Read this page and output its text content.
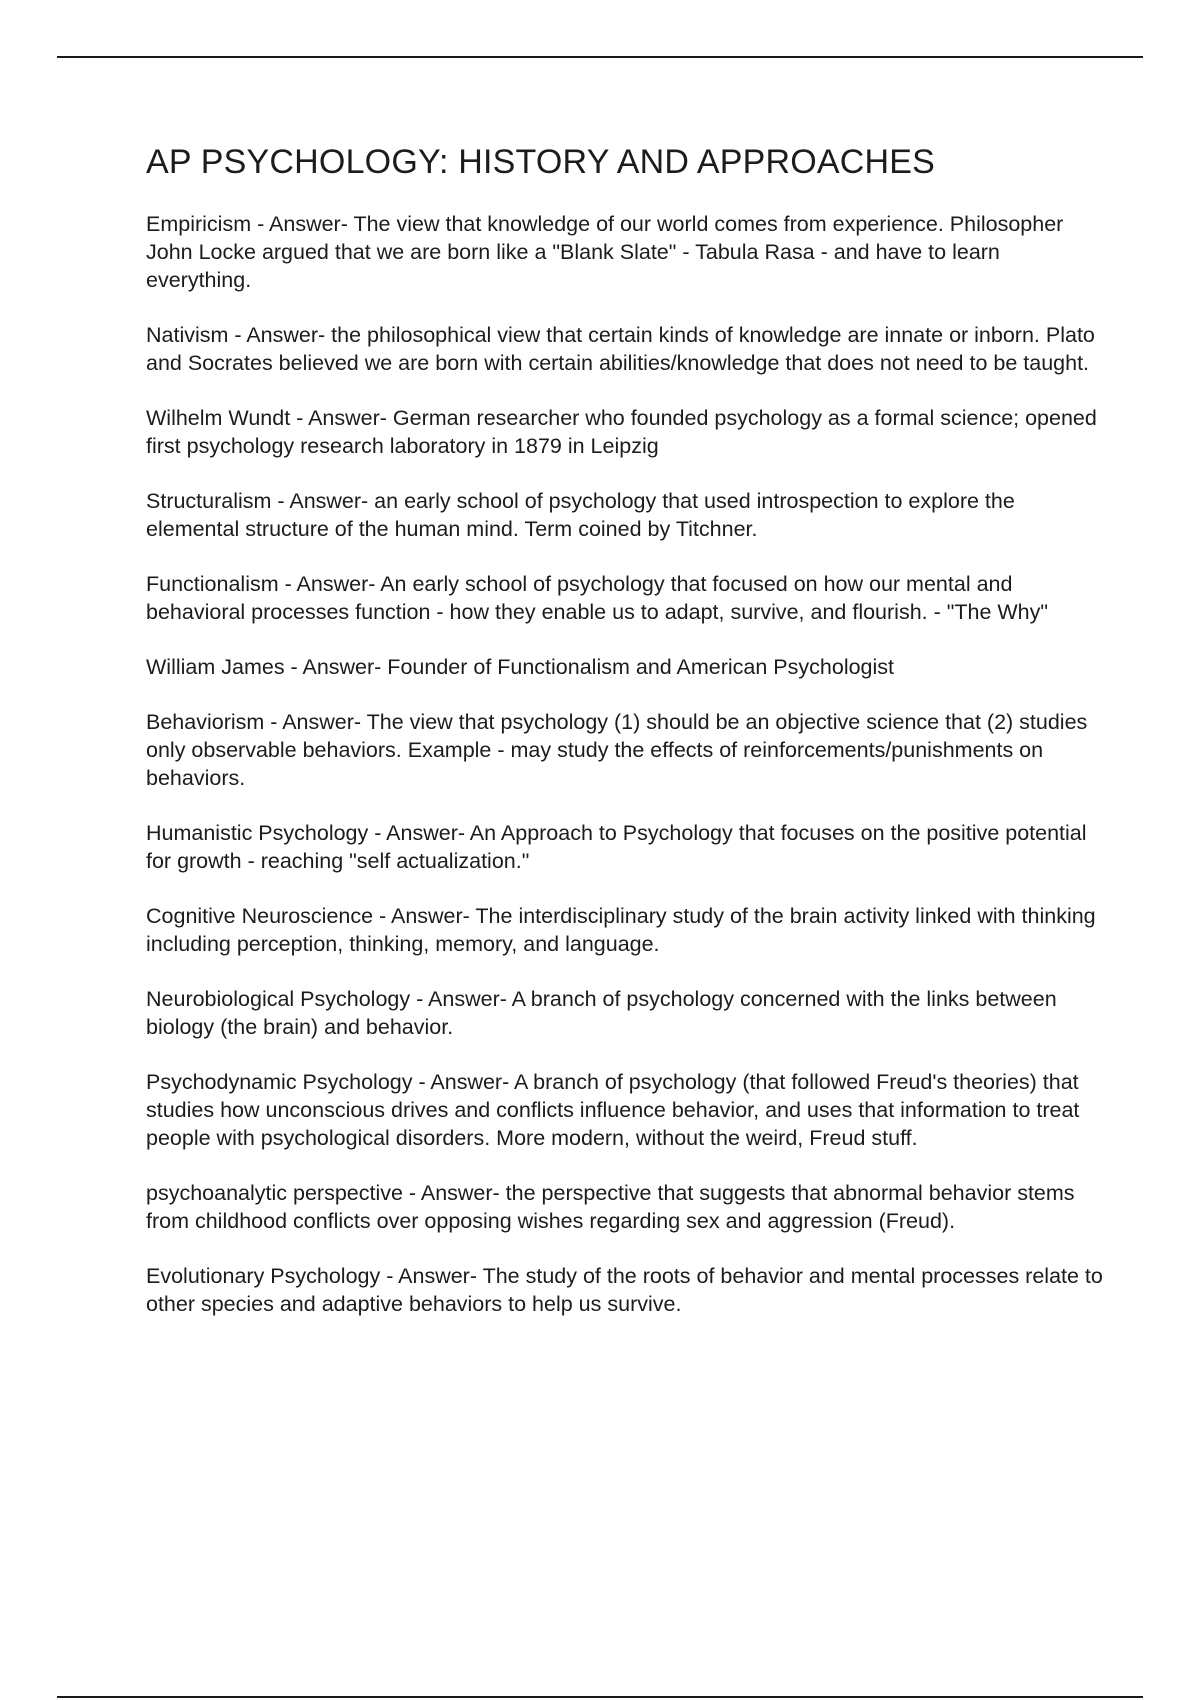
AP PSYCHOLOGY: HISTORY AND APPROACHES

Empiricism - Answer- The view that knowledge of our world comes from experience. Philosopher John Locke argued that we are born like a "Blank Slate" - Tabula Rasa - and have to learn everything.

Nativism - Answer- the philosophical view that certain kinds of knowledge are innate or inborn. Plato and Socrates believed we are born with certain abilities/knowledge that does not need to be taught.

Wilhelm Wundt - Answer- German researcher who founded psychology as a formal science; opened first psychology research laboratory in 1879 in Leipzig

Structuralism - Answer- an early school of psychology that used introspection to explore the elemental structure of the human mind. Term coined by Titchner.

Functionalism - Answer- An early school of psychology that focused on how our mental and behavioral processes function - how they enable us to adapt, survive, and flourish. - "The Why"

William James - Answer- Founder of Functionalism and American Psychologist

Behaviorism - Answer- The view that psychology (1) should be an objective science that (2) studies only observable behaviors. Example - may study the effects of reinforcements/punishments on behaviors.

Humanistic Psychology - Answer- An Approach to Psychology that focuses on the positive potential for growth - reaching "self actualization."

Cognitive Neuroscience - Answer- The interdisciplinary study of the brain activity linked with thinking including perception, thinking, memory, and language.

Neurobiological Psychology - Answer- A branch of psychology concerned with the links between biology (the brain) and behavior.

Psychodynamic Psychology - Answer- A branch of psychology (that followed Freud's theories) that studies how unconscious drives and conflicts influence behavior, and uses that information to treat people with psychological disorders. More modern, without the weird, Freud stuff.

psychoanalytic perspective - Answer- the perspective that suggests that abnormal behavior stems from childhood conflicts over opposing wishes regarding sex and aggression (Freud).

Evolutionary Psychology - Answer- The study of the roots of behavior and mental processes relate to other species and adaptive behaviors to help us survive.
